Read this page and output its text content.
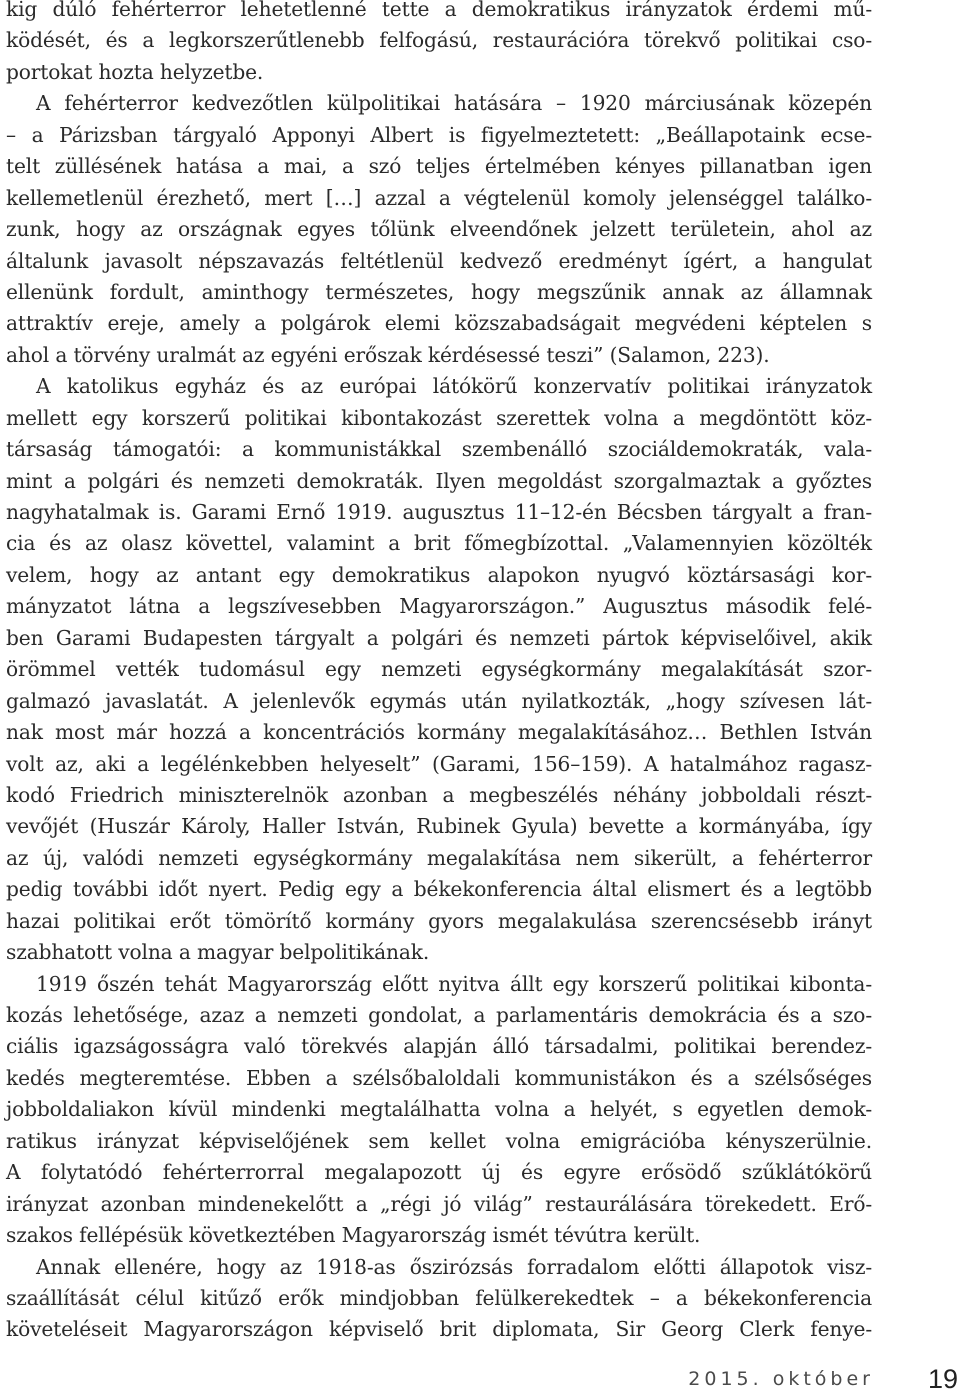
kig dúló fehérterror lehetetlenné tette a demokratikus irányzatok érdemi mű-
ködését, és a legkorszerűtlenebb felfogású, restaurációra törekvő politikai cso-
portokat hozta helyzetbe.
A fehérterror kedvezőtlen külpolitikai hatására – 1920 márciusának közepén
– a Párizsban tárgyaló Apponyi Albert is figyelmeztetett: „Beállapotaink ecse-
telt züllésének hatása a mai, a szó teljes értelmében kényes pillanatban igen
kellemetlenül érezhető, mert […] azzal a végtelenül komoly jelenséggel találko-
zunk, hogy az országnak egyes tőlünk elveendőnek jelzett területein, ahol az
általunk javasolt népszavazás feltétlenül kedvező eredményt ígért, a hangulat
ellenünk fordult, aminthogy természetes, hogy megszűnik annak az államnak
attraktív ereje, amely a polgárok elemi közszabadságait megvédeni képtelen s
ahol a törvény uralmát az egyéni erőszak kérdésessé teszi” (Salamon, 223).
A katolikus egyház és az európai látókörű konzervatív politikai irányzatok
mellett egy korszerű politikai kibontakozást szerettek volna a megdöntött köz-
társaság támogatói: a kommunistákkal szembenálló szociáldemokraták, vala-
mint a polgári és nemzeti demokraták. Ilyen megoldást szorgalmaztak a győztes
nagyhatalmak is. Garami Ernő 1919. augusztus 11–12-én Bécsben tárgyalt a fran-
cia és az olasz követtel, valamint a brit főmegbízottal. „Valamennyien közölték
velem, hogy az antant egy demokratikus alapokon nyugvó köztársasági kor-
mányzatot látna a legszívesebben Magyarországon.” Augusztus második felé-
ben Garami Budapesten tárgyalt a polgári és nemzeti pártok képviselőivel, akik
örömmel vették tudomásul egy nemzeti egységkormány megalakítását szor-
galmazó javaslatát. A jelenlevők egymás után nyilatkozták, „hogy szívesen lát-
nak most már hozzá a koncentrációs kormány megalakításához… Bethlen István
volt az, aki a legélénkebben helyeselt” (Garami, 156–159). A hatalmához ragasz-
kodó Friedrich miniszterelnök azonban a megbeszélés néhány jobboldali részt-
vevőjét (Huszár Károly, Haller István, Rubinek Gyula) bevette a kormányába, így
az új, valódi nemzeti egységkormány megalakítása nem sikerült, a fehérterror
pedig további időt nyert. Pedig egy a békekonferencia által elismert és a legtöbb
hazai politikai erőt tömörítő kormány gyors megalakulása szerencsésebb irányt
szabhatott volna a magyar belpolitikának.
1919 őszén tehát Magyarország előtt nyitva állt egy korszerű politikai kibonta-
kozás lehetősége, azaz a nemzeti gondolat, a parlamentáris demokrácia és a szo-
ciális igazságosságra való törekvés alapján álló társadalmi, politikai berendez-
kedés megteremtése. Ebben a szélsőbaloldali kommunistákon és a szélsőséges
jobboldaliakon kívül mindenki megtalálhatta volna a helyét, s egyetlen demok-
ratikus irányzat képviselőjének sem kellet volna emigrációba kényszerülnie.
A folytatódó fehérterrorral megalapozott új és egyre erősödő szűklátókörű
irányzat azonban mindenekelőtt a „régi jó világ” restaurálására törekedett. Erő-
szakos fellépésük következtében Magyarország ismét tévútra került.
Annak ellenére, hogy az 1918-as őszirózsás forradalom előtti állapotok visz-
szaállítását célul kitűző erők mindjobban felülkerekedtek – a békekonferencia
követeléseit Magyarországon képviselő brit diplomata, Sir Georg Clerk fenye-
2015. október 19
